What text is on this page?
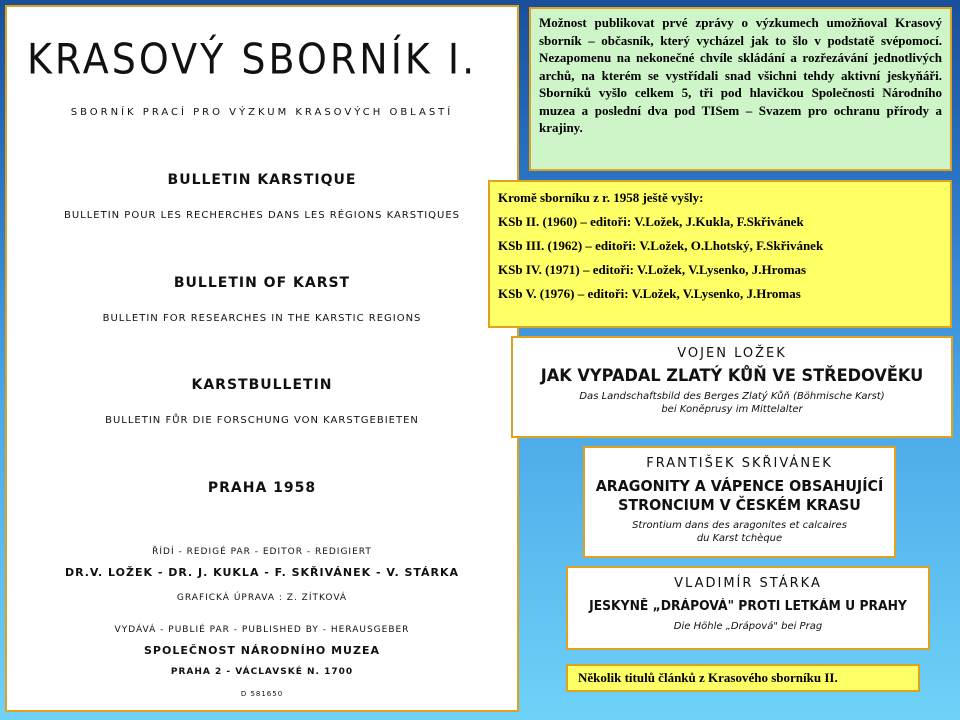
KRASOVÝ SBORNÍK I.
SBORNÍK PRACÍ PRO VÝZKUM KRASOVÝCH OBLASTÍ
BULLETIN KARSTIQUE
BULLETIN POUR LES RECHERCHES DANS LES RÉGIONS KARSTIQUES
BULLETIN OF KARST
BULLETIN FOR RESEARCHES IN THE KARSTIC REGIONS
KARSTBULLETIN
BULLETIN FŮR DIE FORSCHUNG VON KARSTGEBIETEN
PRAHA 1958
ŘÍDÍ - REDIGÉ PAR - EDITOR - REDIGIERT
DR.V. LOŽEK - DR. J. KUKLA - F. SKŘIVÁNEK - V. STÁRKA
GRAFICKÁ ÚPRAVA : Z. ZÍTKOVÁ
VYDÁVÁ - PUBLIÉ PAR - PUBLISHED BY - HERAUSGEBER
SPOLEČNOST NÁRODNÍHO MUZEA
PRAHA 2 - VÁCLAVSKÉ N. 1700
D 581650
Možnost publikovat prvé zprávy o výzkumech umožňoval Krasový sborník – občasník, který vycházel jak to šlo v podstatě svépomocí. Nezapomenu na nekonečné chvíle skládání a rozřezávání jednotlivých archů, na kterém se vystřídali snad všichni tehdy aktivní jeskyňáři. Sborníků vyšlo celkem 5, tři pod hlavičkou Společnosti Národního muzea a poslední dva pod TISem – Svazem pro ochranu přírody a krajiny.
Kromě sborníku z r. 1958 ještě vyšly:
KSb II. (1960) – editoři: V.Ložek, J.Kukla, F.Skřivánek
KSb III. (1962) – editoři: V.Ložek, O.Lhotský, F.Skřivánek
KSb IV. (1971) – editoři: V.Ložek, V.Lysenko, J.Hromas
KSb V. (1976) – editoři: V.Ložek, V.Lysenko, J.Hromas
VOJEN LOŽEK
JAK VYPADAL ZLATÝ KŮŇ VE STŘEDOVĚKU
Das Landschaftsbild des Berges Zlatý Kůň (Böhmische Karst)
bei Koněprusy im Mittelalter
FRANTIŠEK SKŘIVÁNEK
ARAGONITY A VÁPENCE OBSAHUJÍCÍ
STRONCIUM V ČESKÉM KRASU
Strontium dans des aragonites et calcaires
du Karst tchèque
VLADIMÍR STÁRKA
JESKYNĚ „DRÁPOVÁ" PROTI LETKÁM U PRAHY
Die Höhle „Drápová" bei Prag
Několik titulů článků z Krasového sborníku II.
